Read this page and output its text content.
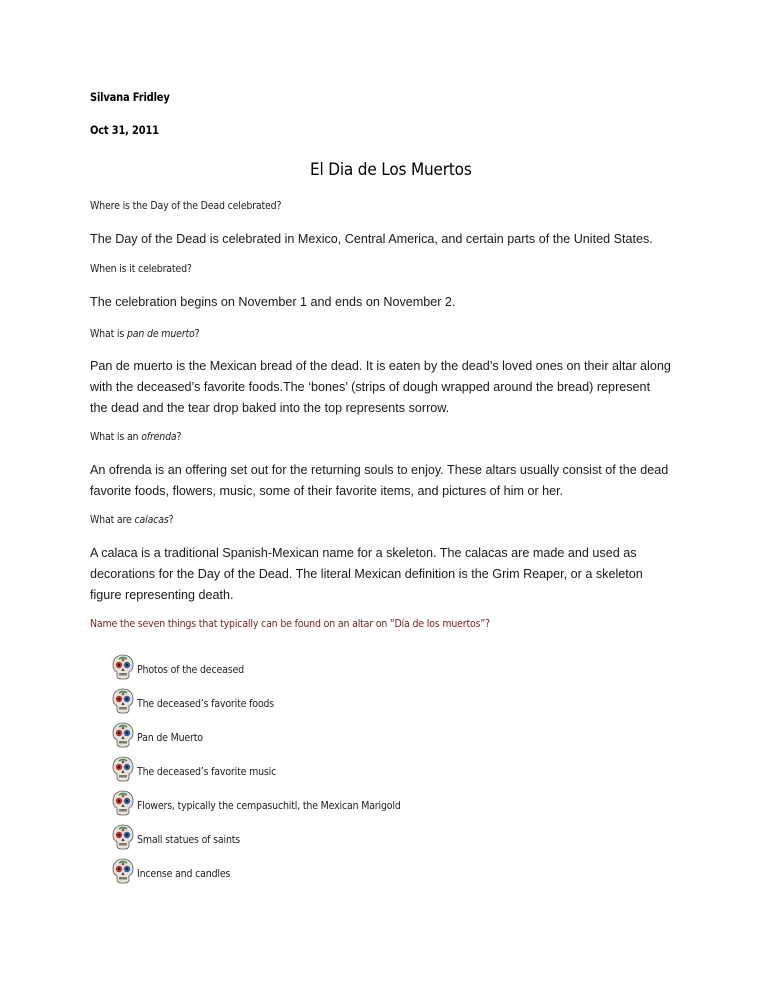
Silvana Fridley
Oct 31, 2011
El Dia de Los Muertos
Where is the Day of the Dead celebrated?
The Day of the Dead is celebrated in Mexico, Central America, and certain parts of the United States.
When is it celebrated?
The celebration begins on November 1 and ends on November 2.
What is pan de muerto?
Pan de muerto is the Mexican bread of the dead. It is eaten by the dead’s loved ones on their altar along
with the deceased’s favorite foods.The ‘bones’ (strips of dough wrapped around the bread) represent
the dead and the tear drop baked into the top represents sorrow.
What is an ofrenda?
An ofrenda is an offering set out for the returning souls to enjoy. These altars usually consist of the dead
favorite foods, flowers, music, some of their favorite items, and pictures of him or her.
What are calacas?
A calaca is a traditional Spanish-Mexican name for a skeleton. The calacas are made and used as
decorations for the Day of the Dead. The literal Mexican definition is the Grim Reaper, or a skeleton
figure representing death.
Name the seven things that typically can be found on an altar on “Día de los muertos”?
Photos of the deceased
The deceased’s favorite foods
Pan de Muerto
The deceased’s favorite music
Flowers, typically the cempasuchitl, the Mexican Marigold
Small statues of saints
Incense and candles
